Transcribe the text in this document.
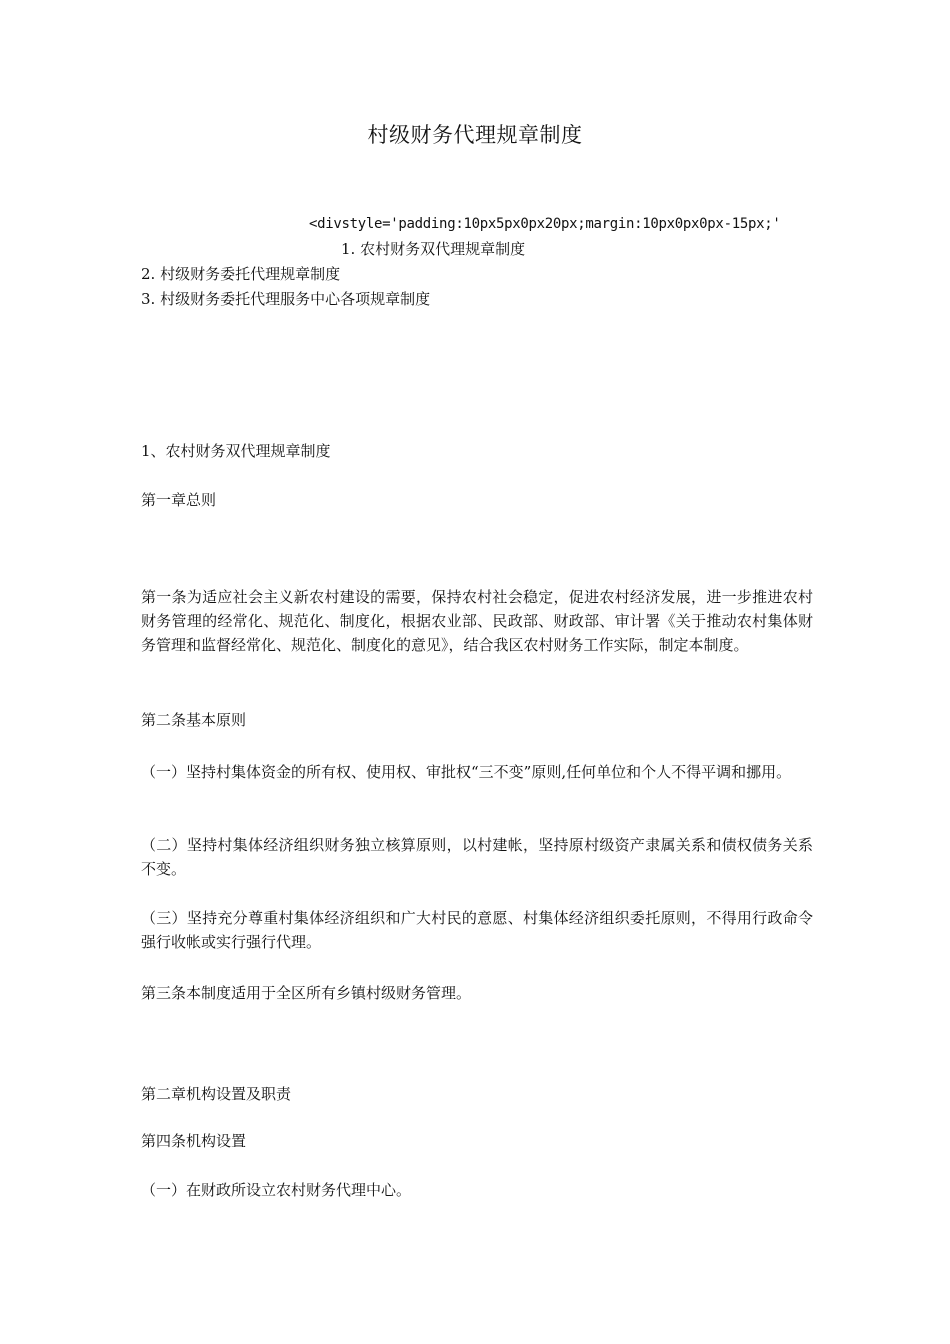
村级财务代理规章制度
<divstyle='padding:10px5px0px20px;margin:10px0px0px-15px;'
1. 农村财务双代理规章制度
2. 村级财务委托代理规章制度
3. 村级财务委托代理服务中心各项规章制度
1、农村财务双代理规章制度
第一章总则
第一条为适应社会主义新农村建设的需要，保持农村社会稳定，促进农村经济发展，进一步推进农村财务管理的经常化、规范化、制度化，根据农业部、民政部、财政部、审计署《关于推动农村集体财务管理和监督经常化、规范化、制度化的意见》，结合我区农村财务工作实际，制定本制度。
第二条基本原则
（一）坚持村集体资金的所有权、使用权、审批权“三不变”原则,任何单位和个人不得平调和挪用。
（二）坚持村集体经济组织财务独立核算原则，以村建帐，坚持原村级资产隶属关系和债权债务关系不变。
（三）坚持充分尊重村集体经济组织和广大村民的意愿、村集体经济组织委托原则，不得用行政命令强行收帐或实行强行代理。
第三条本制度适用于全区所有乡镇村级财务管理。
第二章机构设置及职责
第四条机构设置
（一）在财政所设立农村财务代理中心。
